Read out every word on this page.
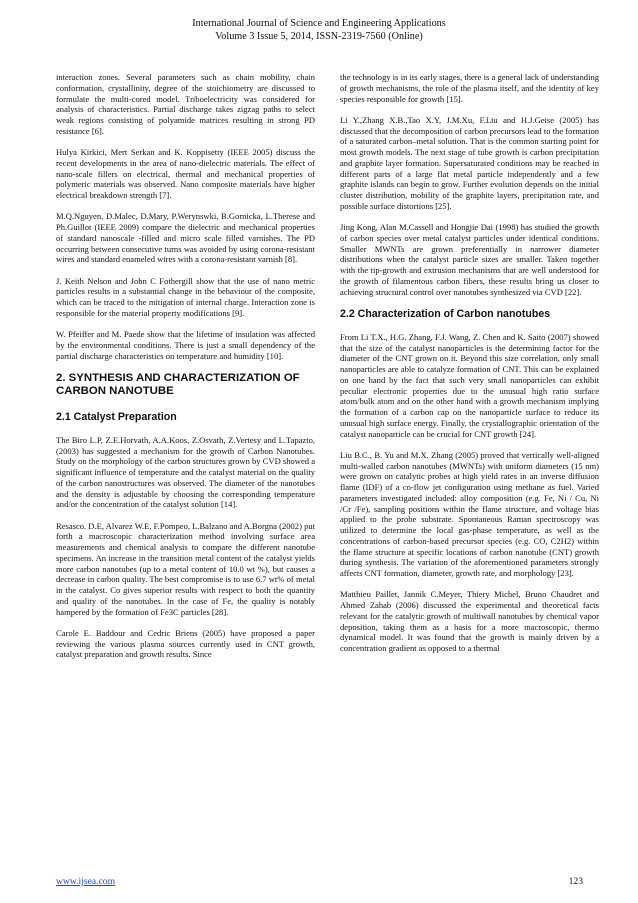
International Journal of Science and Engineering Applications
Volume 3 Issue 5, 2014, ISSN-2319-7560 (Online)

interaction zones. Several parameters such as chain mobility, chain conformation, crystallinity, degree of the stoichiometry are discussed to formulate the multi-cored model. Triboelectricity was considered for analysis of characteristics. Partial discharge takes zigzag paths to select weak regions consisting of polyamide matrices resulting in strong PD resistance [6].

Hulya Kirkici, Mert Serkan and K. Koppisetty (IEEE 2005) discuss the recent developments in the area of nano-dielectric materials. The effect of nano-scale fillers on electrical, thermal and mechanical properties of polymeric materials was observed. Nano composite materials have higher electrical breakdown strength [7].

M.Q.Nguyen, D.Malec, D.Mary, P.Werynswki, B.Gornicka, L.Therese and Ph.Guillot (IEEE 2009) compare the dielectric and mechanical properties of standard nanoscale -filled and micro scale filled varnishes. The PD occurring between consecutive turns was avoided by using corona-resistant wires and standard enameled wires with a corona-resistant varnish [8].

J. Keith Nelson and John C Fothergill show that the use of nano metric particles results in a substantial change in the behaviour of the composite, which can be traced to the mitigation of internal charge. Interaction zone is responsible for the material property modifications [9].

W. Pfeiffer and M. Paede show that the lifetime of insulation was affected by the environmental conditions. There is just a small dependency of the partial discharge characteristics on temperature and humidity [10].

2. SYNTHESIS AND CHARACTERIZATION OF CARBON NANOTUBE
2.1 Catalyst Preparation

The Biro L.P, Z.E.Horvath, A.A.Koos, Z.Osvath, Z.Vertesy and L.Tapazto, (2003) has suggested a mechanism for the growth of Carbon Nanotubes. Study on the morphology of the carbon structures grown by CVD showed a significant influence of temperature and the catalyst material on the quality of the carbon nanostructures was observed. The diameter of the nanotubes and the density is adjustable by choosing the corresponding temperature and/or the concentration of the catalyst solution [14].

Resasco. D.E, Alvarez W.E, F.Pompeo, L.Balzano and A.Borgna (2002) put forth a macroscopic characterization method involving surface area measurements and chemical analysis to compare the different nanotube specimens. An increase in the transition metal content of the catalyst yields more carbon nanotubes (up to a metal content of 10.0 wt %), but causes a decrease in carbon quality. The best compromise is to use 6.7 wt% of metal in the catalyst. Co gives superior results with respect to both the quantity and quality of the nanotubes. In the case of Fe, the quality is notably hampered by the formation of Fe3C particles [28].

Carole E. Baddour and Cedric Briens (2005) have proposed a paper reviewing the various plasma sources currently used in CNT growth, catalyst preparation and growth results. Since

the technology is in its early stages, there is a general lack of understanding of growth mechanisms, the role of the plasma itself, and the identity of key species responsible for growth [15].

Li Y.,Zhang X.B.,Tao X.Y, J.M.Xu, F.Liu and H.J.Geise (2005) has discussed that the decomposition of carbon precursors lead to the formation of a saturated carbon–metal solution. That is the common starting point for most growth models. The next stage of tube growth is carbon precipitation and graphite layer formation. Supersaturated conditions may be reached in different parts of a large flat metal particle independently and a few graphite islands can begin to grow. Further evolution depends on the initial cluster distribution, mobility of the graphite layers, precipitation rate, and possible surface distortions [25].

Jing Kong, Alan M.Cassell and Hongjie Dai (1998) has studied the growth of carbon species over metal catalyst particles under identical conditions. Smaller MWNTs are grown preferentially in narrower diameter distributions when the catalyst particle sizes are smaller. Taken together with the tip-growth and extrusion mechanisms that are well understood for the growth of filamentous carbon fibers, these results bring us closer to achieving structural control over nanotubes synthesized via CVD [22].

2.2 Characterization of Carbon nanotubes

From Li T.X., H.G. Zhang, F.J. Wang, Z. Chen and K. Saito (2007) showed that the size of the catalyst nanoparticles is the determining factor for the diameter of the CNT grown on it. Beyond this size correlation, only small nanoparticles are able to catalyze formation of CNT. This can be explained on one hand by the fact that such very small nanoparticles can exhibit peculiar electronic properties due to the unusual high ratio surface atom/bulk atom and on the other hand with a growth mechanism implying the formation of a carbon cap on the nanoparticle surface to reduce its unusual high surface energy. Finally, the crystallographic orientation of the catalyst nanoparticle can be crucial for CNT growth [24].

Liu B.C., B. Yu and M.X. Zhang (2005) proved that vertically well-aligned multi-walled carbon nanotubes (MWNTs) with uniform diameters (15 nm) were grown on catalytic probes at high yield rates in an inverse diffusion flame (IDF) of a co-flow jet configuration using methane as fuel. Varied parameters investigated included: alloy composition (e.g. Fe, Ni / Cu, Ni /Cr /Fe), sampling positions within the flame structure, and voltage bias applied to the probe substrate. Spontaneous Raman spectroscopy was utilized to determine the local gas-phase temperature, as well as the concentrations of carbon-based precursor species (e.g. CO, C2H2) within the flame structure at specific locations of carbon nanotube (CNT) growth during synthesis. The variation of the aforementioned parameters strongly affects CNT formation, diameter, growth rate, and morphology [23].

Matthieu Paillet, Jannik C.Meyer, Thiery Michel, Bruno Chaudret and Ahmed Zahab (2006) discussed the experimental and theoretical facts relevant for the catalytic growth of multiwall nanotubes by chemical vapor deposition, taking them as a basis for a more macroscopic, thermo dynamical model. It was found that the growth is mainly driven by a concentration gradient as opposed to a thermal

www.ijsea.com	123
